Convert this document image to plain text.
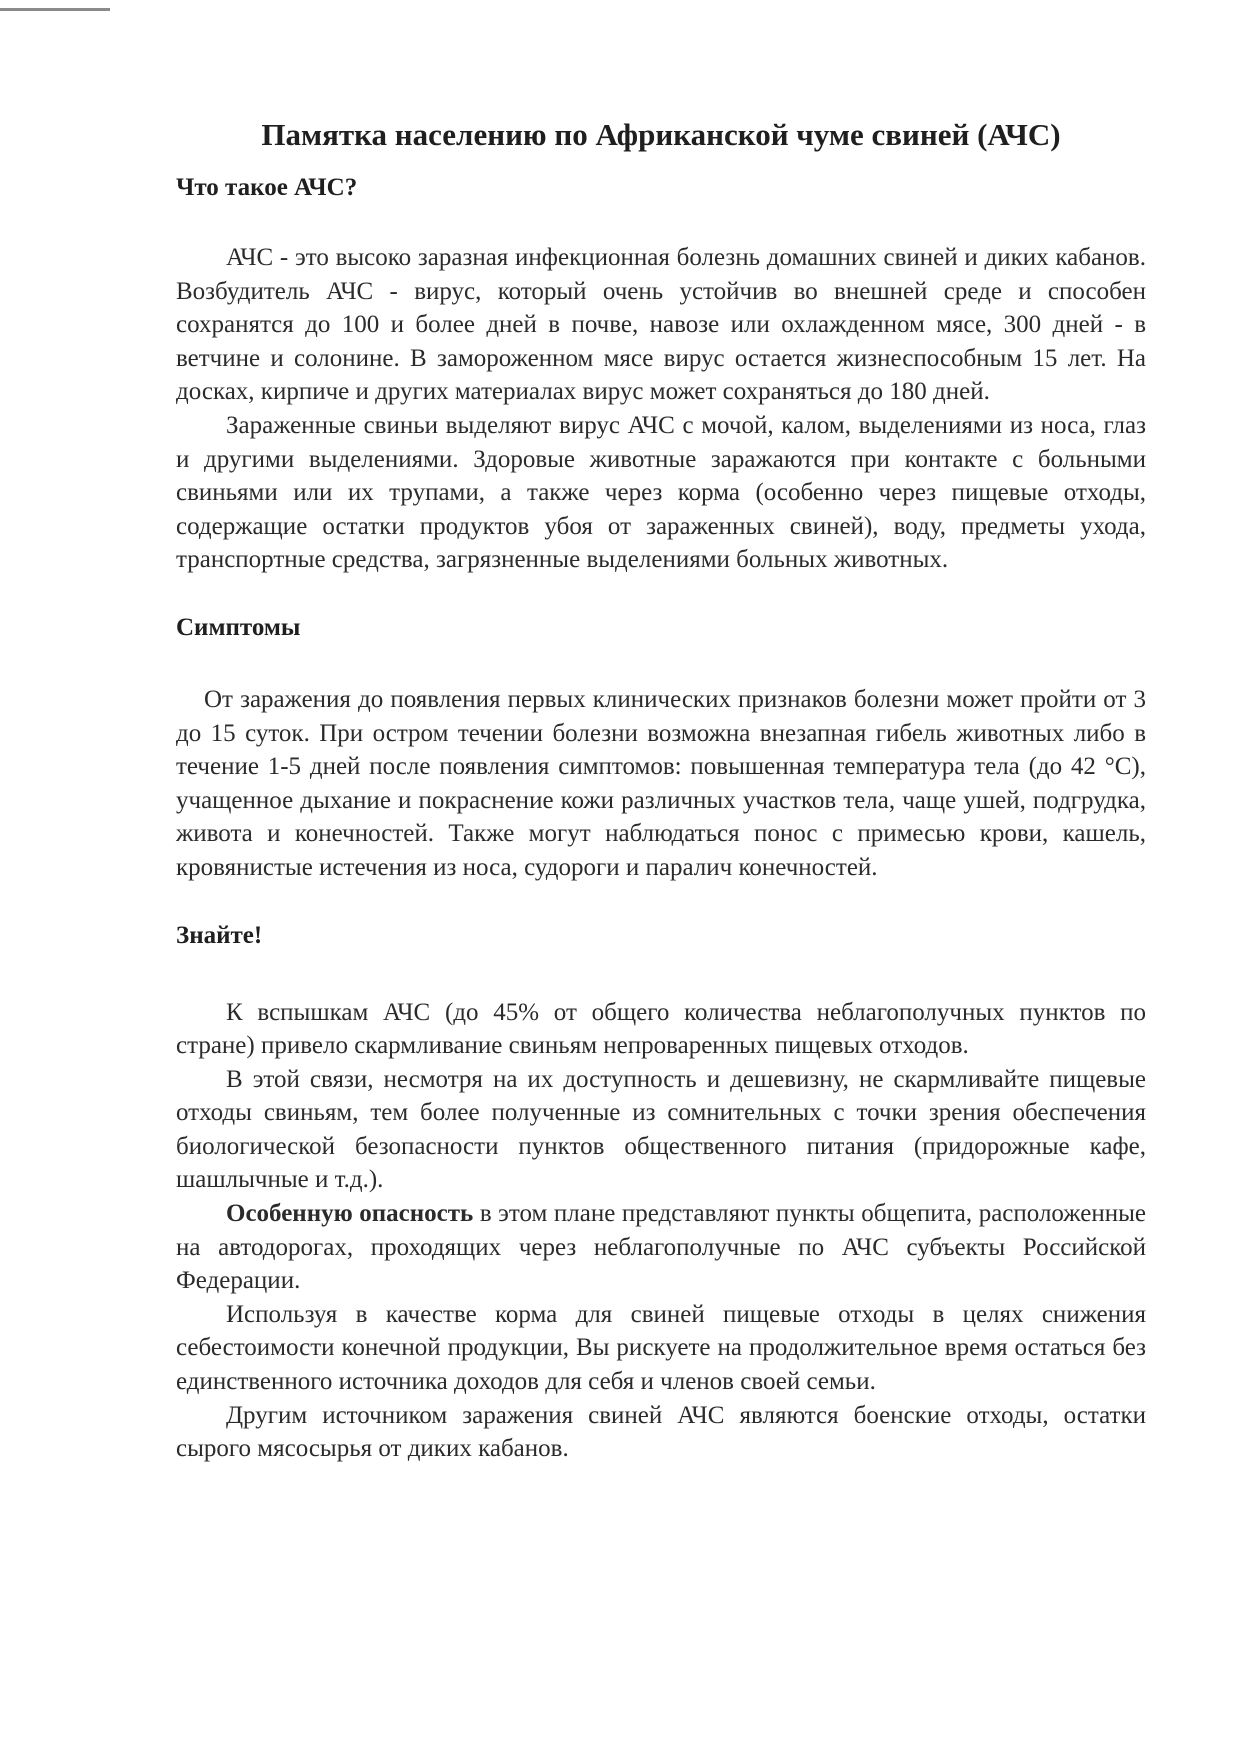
Памятка населению по Африканской чуме свиней (АЧС)
Что такое АЧС?

АЧС - это высоко заразная инфекционная болезнь домашних свиней и диких кабанов. Возбудитель АЧС - вирус, который очень устойчив во внешней среде и способен сохранятся до 100 и более дней в почве, навозе или охлажденном мясе, 300 дней - в ветчине и солонине. В замороженном мясе вирус остается жизнеспособным 15 лет. На досках, кирпиче и других материалах вирус может сохраняться до 180 дней.

Зараженные свиньи выделяют вирус АЧС с мочой, калом, выделениями из носа, глаз и другими выделениями. Здоровые животные заражаются при контакте с больными свиньями или их трупами, а также через корма (особенно через пищевые отходы, содержащие остатки продуктов убоя от зараженных свиней), воду, предметы ухода, транспортные средства, загрязненные выделениями больных животных.

Симптомы

От заражения до появления первых клинических признаков болезни может пройти от 3 до 15 суток. При остром течении болезни возможна внезапная гибель животных либо в течение 1-5 дней после появления симптомов: повышенная температура тела (до 42 °С), учащенное дыхание и покраснение кожи различных участков тела, чаще ушей, подгрудка, живота и конечностей. Также могут наблюдаться понос с примесью крови, кашель, кровянистые истечения из носа, судороги и паралич конечностей.

Знайте!

К вспышкам АЧС (до 45% от общего количества неблагополучных пунктов по стране) привело скармливание свиньям непроваренных пищевых отходов.

В этой связи, несмотря на их доступность и дешевизну, не скармливайте пищевые отходы свиньям, тем более полученные из сомнительных с точки зрения обеспечения биологической безопасности пунктов общественного питания (придорожные кафе, шашлычные и т.д.).

Особенную опасность в этом плане представляют пункты общепита, расположенные на автодорогах, проходящих через неблагополучные по АЧС субъекты Российской Федерации.

Используя в качестве корма для свиней пищевые отходы в целях снижения себестоимости конечной продукции, Вы рискуете на продолжительное время остаться без единственного источника доходов для себя и членов своей семьи.

Другим источником заражения свиней АЧС являются боенские отходы, остатки сырого мясосырья от диких кабанов.
